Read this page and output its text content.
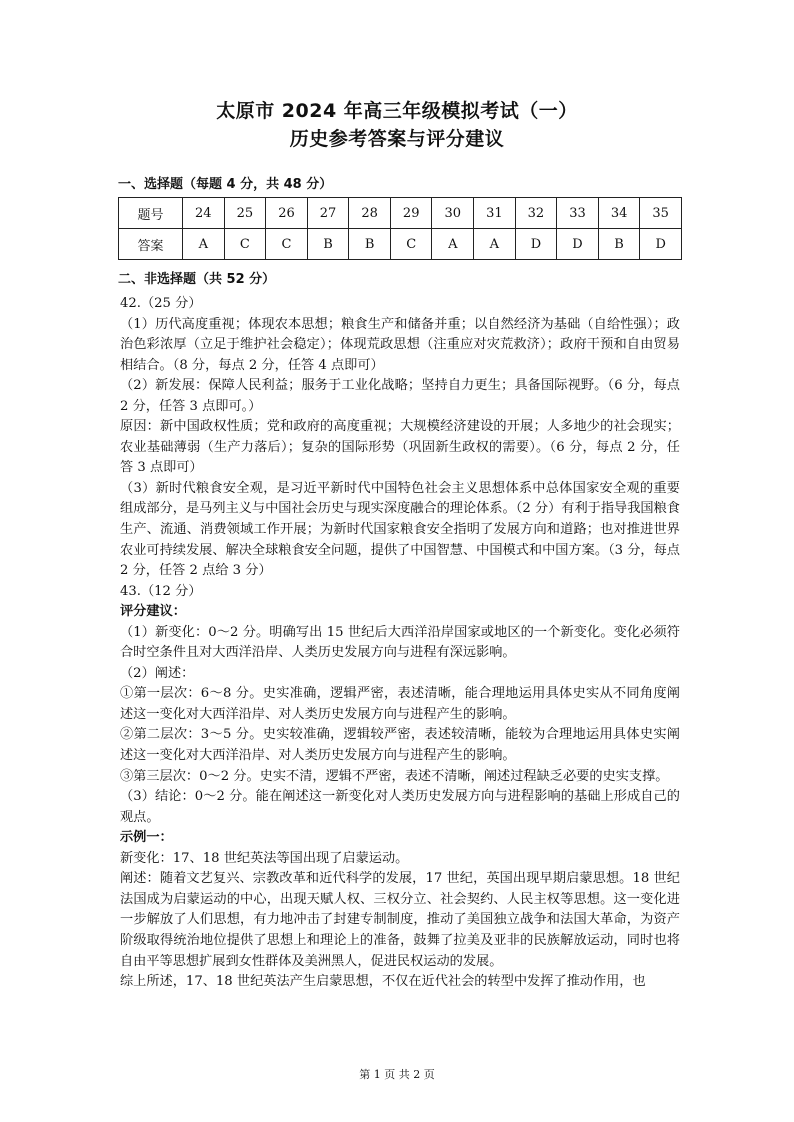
太原市 2024 年高三年级模拟考试（一）
历史参考答案与评分建议
一、选择题（每题 4 分，共 48 分）
题号	24	25	26	27	28	29	30	31	32	33	34	35
答案	A	C	C	B	B	C	A	A	D	D	B	D
二、非选择题（共 52 分）

42.（25 分）

（1）历代高度重视；体现农本思想；粮食生产和储备并重；以自然经济为基础（自给性强）；政治色彩浓厚（立足于维护社会稳定）；体现荒政思想（注重应对灾荒救济）；政府干预和自由贸易相结合。（8 分，每点 2 分，任答 4 点即可）

（2）新发展：保障人民利益；服务于工业化战略；坚持自力更生；具备国际视野。（6 分，每点 2 分，任答 3 点即可。）

原因：新中国政权性质；党和政府的高度重视；大规模经济建设的开展；人多地少的社会现实；农业基础薄弱（生产力落后）；复杂的国际形势（巩固新生政权的需要）。（6 分，每点 2 分，任答 3 点即可）

（3）新时代粮食安全观，是习近平新时代中国特色社会主义思想体系中总体国家安全观的重要组成部分，是马列主义与中国社会历史与现实深度融合的理论体系。（2 分）有利于指导我国粮食生产、流通、消费领域工作开展；为新时代国家粮食安全指明了发展方向和道路；也对推进世界农业可持续发展、解决全球粮食安全问题，提供了中国智慧、中国模式和中国方案。（3 分，每点 2 分，任答 2 点给 3 分）

43.（12 分）

评分建议：

（1）新变化：0～2 分。明确写出 15 世纪后大西洋沿岸国家或地区的一个新变化。变化必须符合时空条件且对大西洋沿岸、人类历史发展方向与进程有深远影响。

（2）阐述：

①第一层次：6～8 分。史实准确，逻辑严密，表述清晰，能合理地运用具体史实从不同角度阐述这一变化对大西洋沿岸、对人类历史发展方向与进程产生的影响。

②第二层次：3～5 分。史实较准确，逻辑较严密，表述较清晰，能较为合理地运用具体史实阐述这一变化对大西洋沿岸、对人类历史发展方向与进程产生的影响。

③第三层次：0～2 分。史实不清，逻辑不严密，表述不清晰，阐述过程缺乏必要的史实支撑。

（3）结论：0～2 分。能在阐述这一新变化对人类历史发展方向与进程影响的基础上形成自己的观点。

示例一：

新变化：17、18 世纪英法等国出现了启蒙运动。

阐述：随着文艺复兴、宗教改革和近代科学的发展，17 世纪，英国出现早期启蒙思想。18 世纪法国成为启蒙运动的中心，出现天赋人权、三权分立、社会契约、人民主权等思想。这一变化进一步解放了人们思想，有力地冲击了封建专制制度，推动了美国独立战争和法国大革命，为资产阶级取得统治地位提供了思想上和理论上的准备，鼓舞了拉美及亚非的民族解放运动，同时也将自由平等思想扩展到女性群体及美洲黑人，促进民权运动的发展。

综上所述，17、18 世纪英法产生启蒙思想，不仅在近代社会的转型中发挥了推动作用，也

第 1 页 共 2 页
